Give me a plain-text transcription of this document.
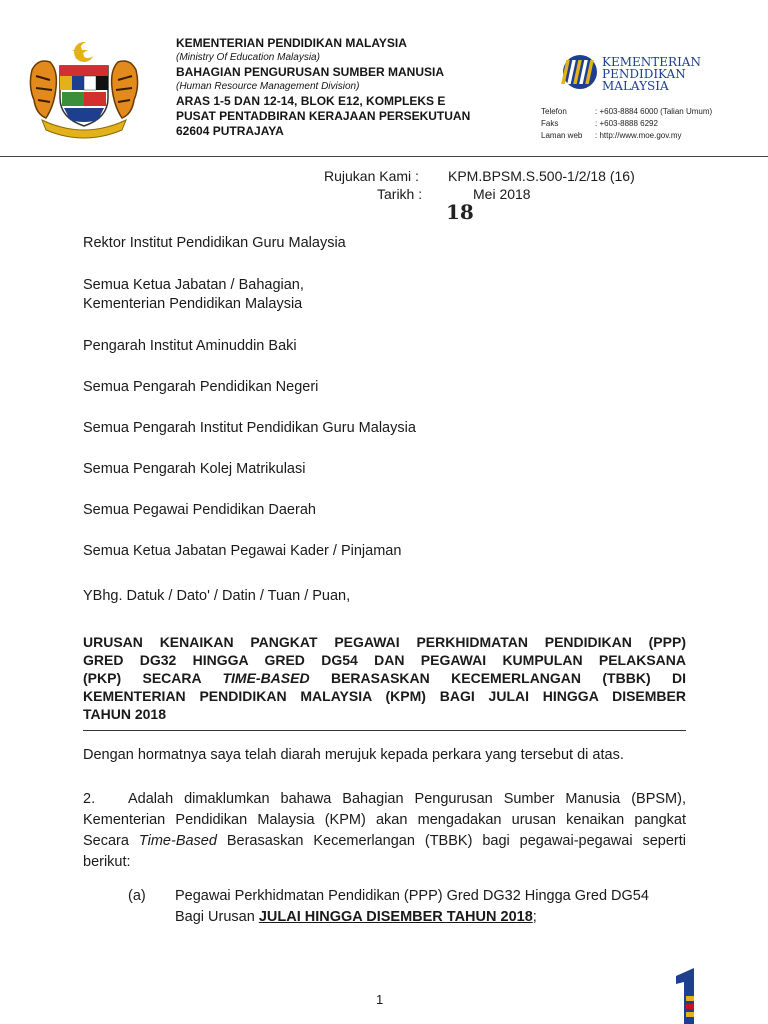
KEMENTERIAN PENDIDIKAN MALAYSIA
(Ministry Of Education Malaysia)
BAHAGIAN PENGURUSAN SUMBER MANUSIA
(Human Resource Management Division)
ARAS 1-5 DAN 12-14, BLOK E12, KOMPLEKS E
PUSAT PENTADBIRAN KERAJAAN PERSEKUTUAN
62604 PUTRAJAYA
KEMENTERIAN
PENDIDIKAN
MALAYSIA
Telefon	: +603-8884 6000 (Talian Umum)
Faks	: +603-8888 6292
Laman web : http://www.moe.gov.my
Rujukan Kami : KPM.BPSM.S.500-1/2/18 (16)
Tarikh :	Mei 2018
18
Rektor Institut Pendidikan Guru Malaysia
Semua Ketua Jabatan / Bahagian,
Kementerian Pendidikan Malaysia
Pengarah Institut Aminuddin Baki
Semua Pengarah Pendidikan Negeri
Semua Pengarah Institut Pendidikan Guru Malaysia
Semua Pengarah Kolej Matrikulasi
Semua Pegawai Pendidikan Daerah
Semua Ketua Jabatan Pegawai Kader / Pinjaman
YBhg. Datuk / Dato' / Datin / Tuan / Puan,
URUSAN KENAIKAN PANGKAT PEGAWAI PERKHIDMATAN PENDIDIKAN (PPP)
GRED DG32 HINGGA GRED DG54 DAN PEGAWAI KUMPULAN PELAKSANA
(PKP) SECARA TIME-BASED BERASASKAN KECEMERLANGAN (TBBK) DI
KEMENTERIAN PENDIDIKAN MALAYSIA (KPM) BAGI JULAI HINGGA DISEMBER
TAHUN 2018
Dengan hormatnya saya telah diarah merujuk kepada perkara yang tersebut di atas.
2. Adalah dimaklumkan bahawa Bahagian Pengurusan Sumber Manusia (BPSM),
Kementerian Pendidikan Malaysia (KPM) akan mengadakan urusan kenaikan pangkat
Secara Time-Based Berasaskan Kecemerlangan (TBBK) bagi pegawai-pegawai seperti
berikut:
(a) Pegawai Perkhidmatan Pendidikan (PPP) Gred DG32 Hingga Gred DG54
Bagi Urusan JULAI HINGGA DISEMBER TAHUN 2018;
1
